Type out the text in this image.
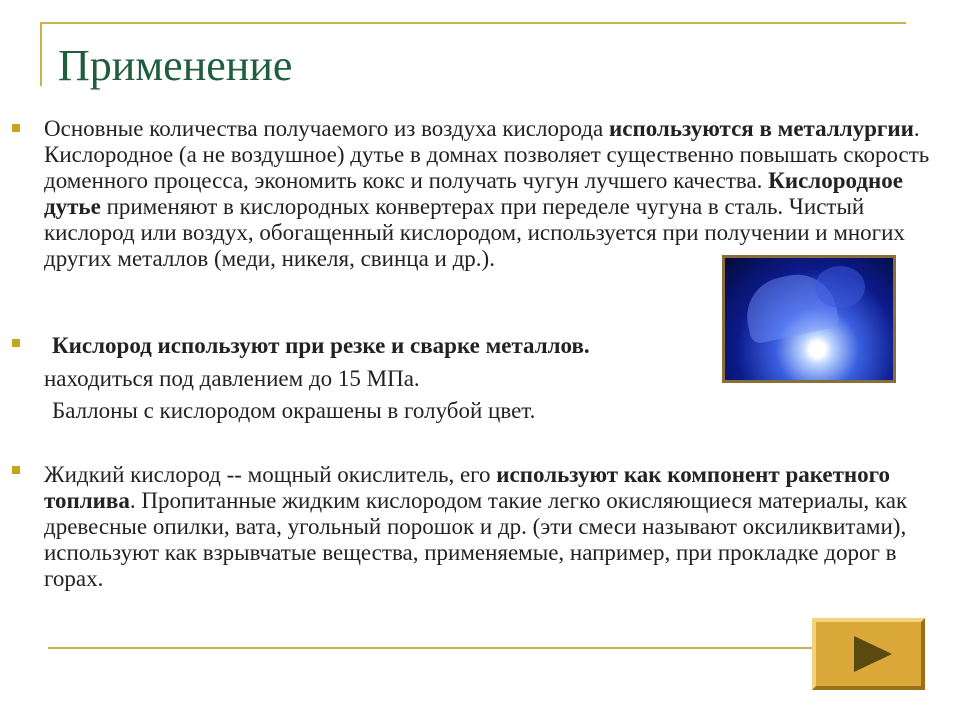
Применение

Основные количества получаемого из воздуха кислорода используются в металлургии. Кислородное (а не воздушное) дутье в домнах позволяет существенно повышать скорость доменного процесса, экономить кокс и получать чугун лучшего качества. Кислородное дутье применяют в кислородных конвертерах при переделе чугуна в сталь. Чистый кислород или воздух, обогащенный кислородом, используется при получении и многих других металлов (меди, никеля, свинца и др.).

Кислород используют при резке и сварке металлов.

находиться под давлением до 15 МПа.

Баллоны с кислородом окрашены в голубой цвет.

Жидкий кислород -- мощный окислитель, его используют как компонент ракетного топлива. Пропитанные жидким кислородом такие легко окисляющиеся материалы, как древесные опилки, вата, угольный порошок и др. (эти смеси называют оксиликвитами), используют как взрывчатые вещества, применяемые, например, при прокладке дорог в горах.
